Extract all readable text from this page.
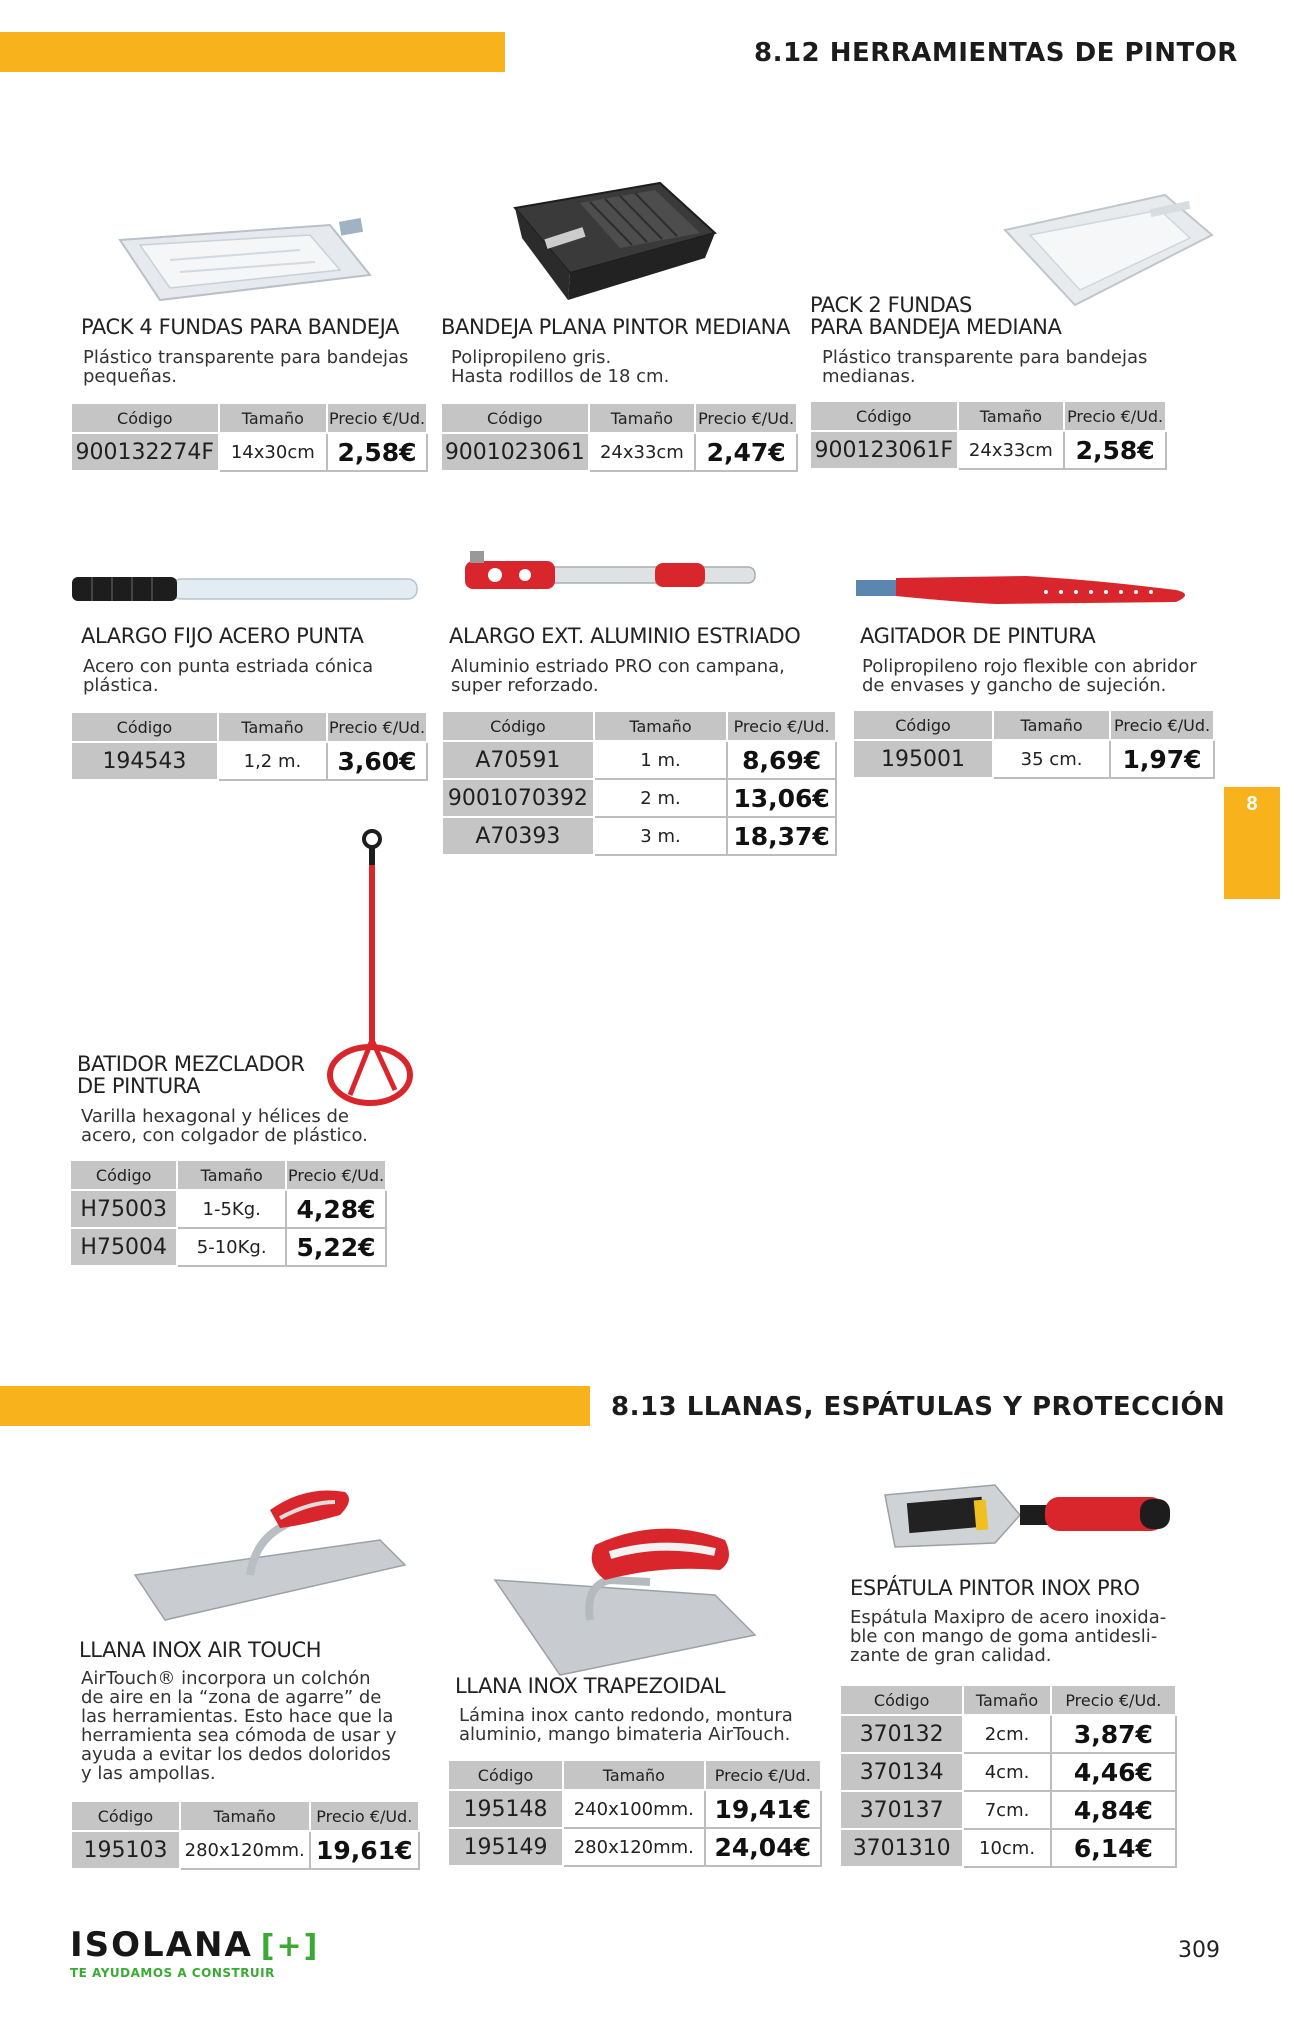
8.12 HERRAMIENTAS DE PINTOR
8
8.13 LLANAS, ESPÁTULAS Y PROTECCIÓN
PACK 4 FUNDAS PARA BANDEJA
Plástico transparente para bandejas
pequeñas.
Código	Tamaño	Precio €/Ud.
900132274F	14x30cm	2,58€
BANDEJA PLANA PINTOR MEDIANA
Polipropileno gris.
Hasta rodillos de 18 cm.
Código	Tamaño	Precio €/Ud.
9001023061	24x33cm	2,47€
PACK 2 FUNDAS
PARA BANDEJA MEDIANA
Plástico transparente para bandejas
medianas.
Código	Tamaño	Precio €/Ud.
900123061F	24x33cm	2,58€
ALARGO FIJO ACERO PUNTA
Acero con punta estriada cónica
plástica.
Código	Tamaño	Precio €/Ud.
194543	1,2 m.	3,60€
ALARGO EXT. ALUMINIO ESTRIADO
Aluminio estriado PRO con campana,
super reforzado.
Código	Tamaño	Precio €/Ud.
A70591	1 m.	8,69€
9001070392	2 m.	13,06€
A70393	3 m.	18,37€
AGITADOR DE PINTURA
Polipropileno rojo flexible con abridor
de envases y gancho de sujeción.
Código	Tamaño	Precio €/Ud.
195001	35 cm.	1,97€
BATIDOR MEZCLADOR
DE PINTURA
Varilla hexagonal y hélices de
acero, con colgador de plástico.
Código	Tamaño	Precio €/Ud.
H75003	1-5Kg.	4,28€
H75004	5-10Kg.	5,22€
LLANA INOX AIR TOUCH
AirTouch® incorpora un colchón
de aire en la “zona de agarre” de
las herramientas. Esto hace que la
herramienta sea cómoda de usar y
ayuda a evitar los dedos doloridos
y las ampollas.
Código	Tamaño	Precio €/Ud.
195103	280x120mm.	19,61€
LLANA INOX TRAPEZOIDAL
Lámina inox canto redondo, montura
aluminio, mango bimateria AirTouch.
Código	Tamaño	Precio €/Ud.
195148	240x100mm.	19,41€
195149	280x120mm.	24,04€
ESPÁTULA PINTOR INOX PRO
Espátula Maxipro de acero inoxida-
ble con mango de goma antidesli-
zante de gran calidad.
Código	Tamaño	Precio €/Ud.
370132	2cm.	3,87€
370134	4cm.	4,46€
370137	7cm.	4,84€
3701310	10cm.	6,14€
ISOLANA [+]
TE AYUDAMOS A CONSTRUIR
309
